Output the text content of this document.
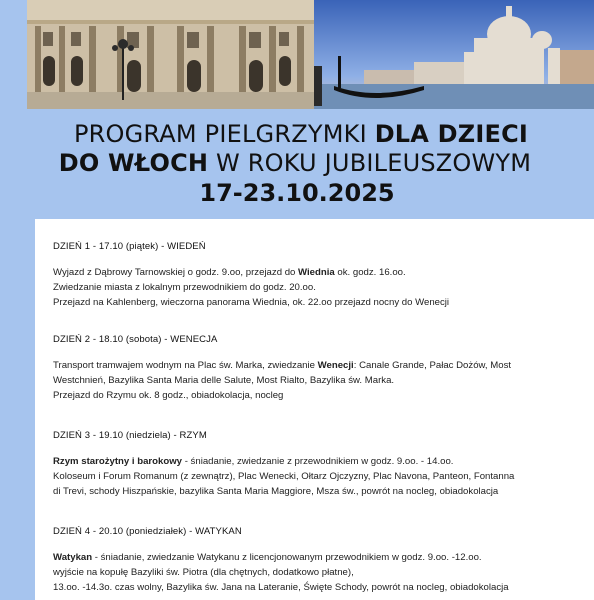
PROGRAM PIELGRZYMKI DLA DZIECI
DO WŁOCH W ROKU JUBILEUSZOWYM
17-23.10.2025
DZIEŃ 1 - 17.10 (piątek) - WIEDEŃ

Wyjazd z Dąbrowy Tarnowskiej o godz. 9.oo, przejazd do Wiednia ok. godz. 16.oo.

Zwiedzanie miasta z lokalnym przewodnikiem do godz. 20.oo.

Przejazd na Kahlenberg, wieczorna panorama Wiednia, ok. 22.oo przejazd nocny do Wenecji

DZIEŃ 2 - 18.10 (sobota) - WENECJA

Transport tramwajem wodnym na Plac św. Marka, zwiedzanie Wenecji: Canale Grande, Pałac Dożów, Most

Westchnień, Bazylika Santa Maria delle Salute, Most Rialto, Bazylika św. Marka.

Przejazd do Rzymu ok. 8 godz., obiadokolacja, nocleg

DZIEŃ 3 - 19.10 (niedziela) - RZYM

Rzym starożytny i barokowy - śniadanie, zwiedzanie z przewodnikiem w godz. 9.oo. - 14.oo.

Koloseum i Forum Romanum (z zewnątrz), Plac Wenecki, Ołtarz Ojczyzny, Plac Navona, Panteon, Fontanna

di Trevi, schody Hiszpańskie, bazylika Santa Maria Maggiore, Msza św., powrót na nocleg, obiadokolacja

DZIEŃ 4 - 20.10 (poniedziałek) - WATYKAN

Watykan - śniadanie, zwiedzanie Watykanu z licencjonowanym przewodnikiem w godz. 9.oo. -12.oo.

wyjście na kopułę Bazyliki św. Piotra (dla chętnych, dodatkowo płatne),

13.oo. -14.3o. czas wolny, Bazylika św. Jana na Lateranie, Święte Schody, powrót na nocleg, obiadokolacja
